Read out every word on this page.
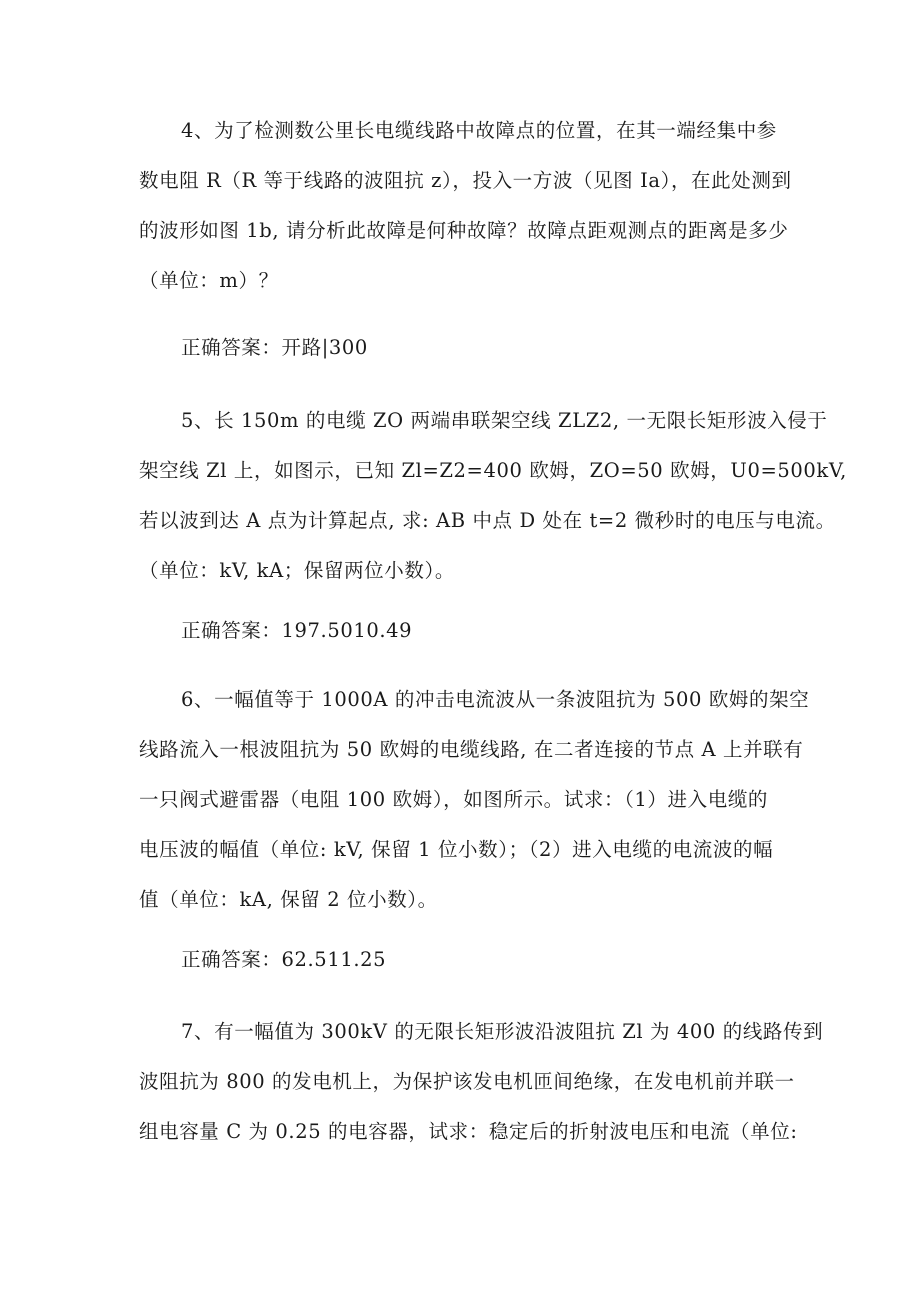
4、为了检测数公里长电缆线路中故障点的位置，在其一端经集中参
数电阻 R（R 等于线路的波阻抗 z），投入一方波（见图 Ia），在此处测到
的波形如图 1b, 请分析此故障是何种故障？故障点距观测点的距离是多少
（单位：m）？
正确答案：开路|300
5、长 150m 的电缆 ZO 两端串联架空线 ZLZ2, 一无限长矩形波入侵于
架空线 Zl 上，如图示，已知 Zl=Z2=400 欧姆，ZO=50 欧姆，U0=500kV,
若以波到达 A 点为计算起点, 求: AB 中点 D 处在 t=2 微秒时的电压与电流。
（单位：kV, kA；保留两位小数）。
正确答案：197.5010.49
6、一幅值等于 1000A 的冲击电流波从一条波阻抗为 500 欧姆的架空
线路流入一根波阻抗为 50 欧姆的电缆线路, 在二者连接的节点 A 上并联有
一只阀式避雷器（电阻 100 欧姆），如图所示。试求：（1）进入电缆的
电压波的幅值（单位: kV, 保留 1 位小数）；（2）进入电缆的电流波的幅
值（单位：kA, 保留 2 位小数）。
正确答案：62.511.25
7、有一幅值为 300kV 的无限长矩形波沿波阻抗 Zl 为 400 的线路传到
波阻抗为 800 的发电机上，为保护该发电机匝间绝缘，在发电机前并联一
组电容量 C 为 0.25 的电容器，试求：稳定后的折射波电压和电流（单位:
